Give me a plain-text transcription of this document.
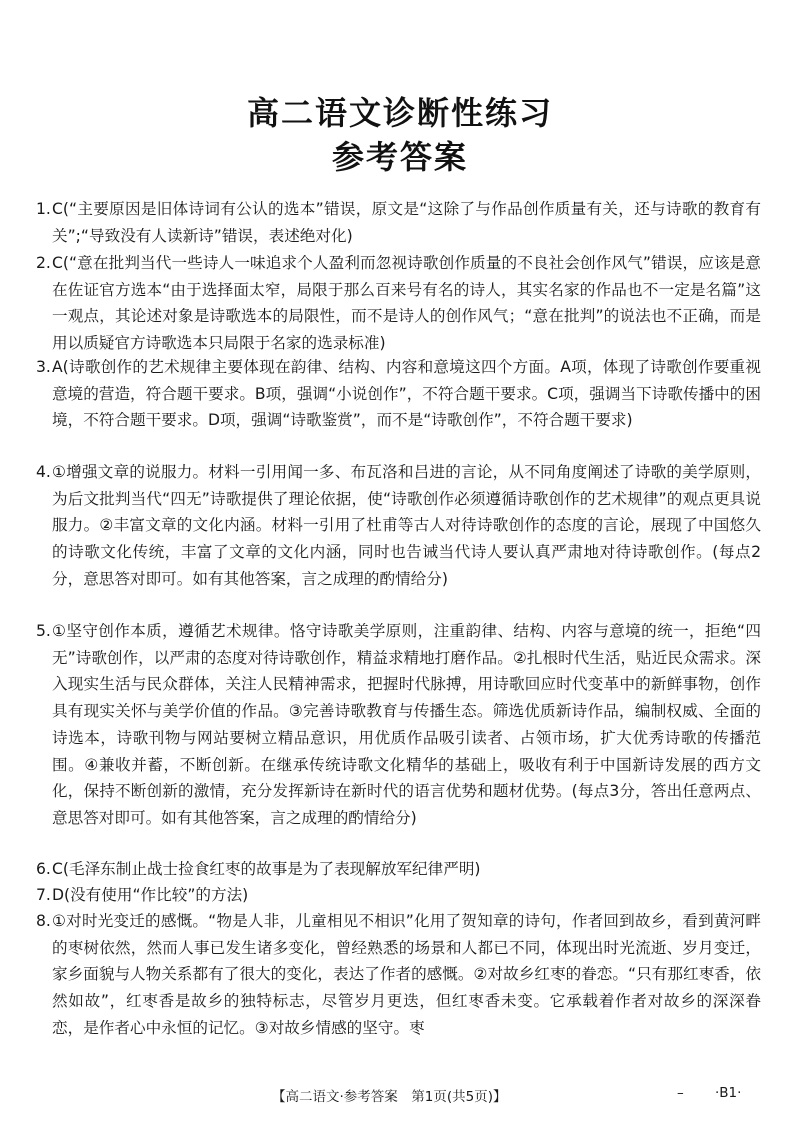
高二语文诊断性练习
参考答案
1. C(“主要原因是旧体诗词有公认的选本”错误，原文是“这除了与作品创作质量有关，还与诗歌的教育有关”;“导致没有人读新诗”错误，表述绝对化)
2. C(“意在批判当代一些诗人一味追求个人盈利而忽视诗歌创作质量的不良社会创作风气”错误，应该是意在佐证官方选本“由于选择面太窄，局限于那么百来号有名的诗人，其实名家的作品也不一定是名篇”这一观点，其论述对象是诗歌选本的局限性，而不是诗人的创作风气；“意在批判”的说法也不正确，而是用以质疑官方诗歌选本只局限于名家的选录标准)
3. A(诗歌创作的艺术规律主要体现在韵律、结构、内容和意境这四个方面。A项，体现了诗歌创作要重视意境的营造，符合题干要求。B项，强调“小说创作”，不符合题干要求。C项，强调当下诗歌传播中的困境，不符合题干要求。D项，强调“诗歌鉴赏”，而不是“诗歌创作”，不符合题干要求)
4. ①增强文章的说服力。材料一引用闻一多、布瓦洛和吕进的言论，从不同角度阐述了诗歌的美学原则，为后文批判当代“四无”诗歌提供了理论依据，使“诗歌创作必须遵循诗歌创作的艺术规律”的观点更具说服力。②丰富文章的文化内涵。材料一引用了杜甫等古人对待诗歌创作的态度的言论，展现了中国悠久的诗歌文化传统，丰富了文章的文化内涵，同时也告诫当代诗人要认真严肃地对待诗歌创作。(每点2分，意思答对即可。如有其他答案，言之成理的酌情给分)
5. ①坚守创作本质，遵循艺术规律。恪守诗歌美学原则，注重韵律、结构、内容与意境的统一，拒绝“四无”诗歌创作，以严肃的态度对待诗歌创作，精益求精地打磨作品。②扎根时代生活，贴近民众需求。深入现实生活与民众群体，关注人民精神需求，把握时代脉搏，用诗歌回应时代变革中的新鲜事物，创作具有现实关怀与美学价值的作品。③完善诗歌教育与传播生态。筛选优质新诗作品，编制权威、全面的诗选本，诗歌刊物与网站要树立精品意识，用优质作品吸引读者、占领市场，扩大优秀诗歌的传播范围。④兼收并蓄，不断创新。在继承传统诗歌文化精华的基础上，吸收有利于中国新诗发展的西方文化，保持不断创新的激情，充分发挥新诗在新时代的语言优势和题材优势。(每点3分，答出任意两点、意思答对即可。如有其他答案，言之成理的酌情给分)
6. C(毛泽东制止战士捡食红枣的故事是为了表现解放军纪律严明)
7. D(没有使用“作比较”的方法)
8. ①对时光变迁的感慨。“物是人非，儿童相见不相识”化用了贺知章的诗句，作者回到故乡，看到黄河畔的枣树依然，然而人事已发生诸多变化，曾经熟悉的场景和人都已不同，体现出时光流逝、岁月变迁，家乡面貌与人物关系都有了很大的变化，表达了作者的感慨。②对故乡红枣的眷恋。“只有那红枣香，依然如故”，红枣香是故乡的独特标志，尽管岁月更迭，但红枣香未变。它承载着作者对故乡的深深眷恋，是作者心中永恒的记忆。③对故乡情感的坚守。枣
【高二语文·参考答案　第1页(共5页)】	– ·B1·
